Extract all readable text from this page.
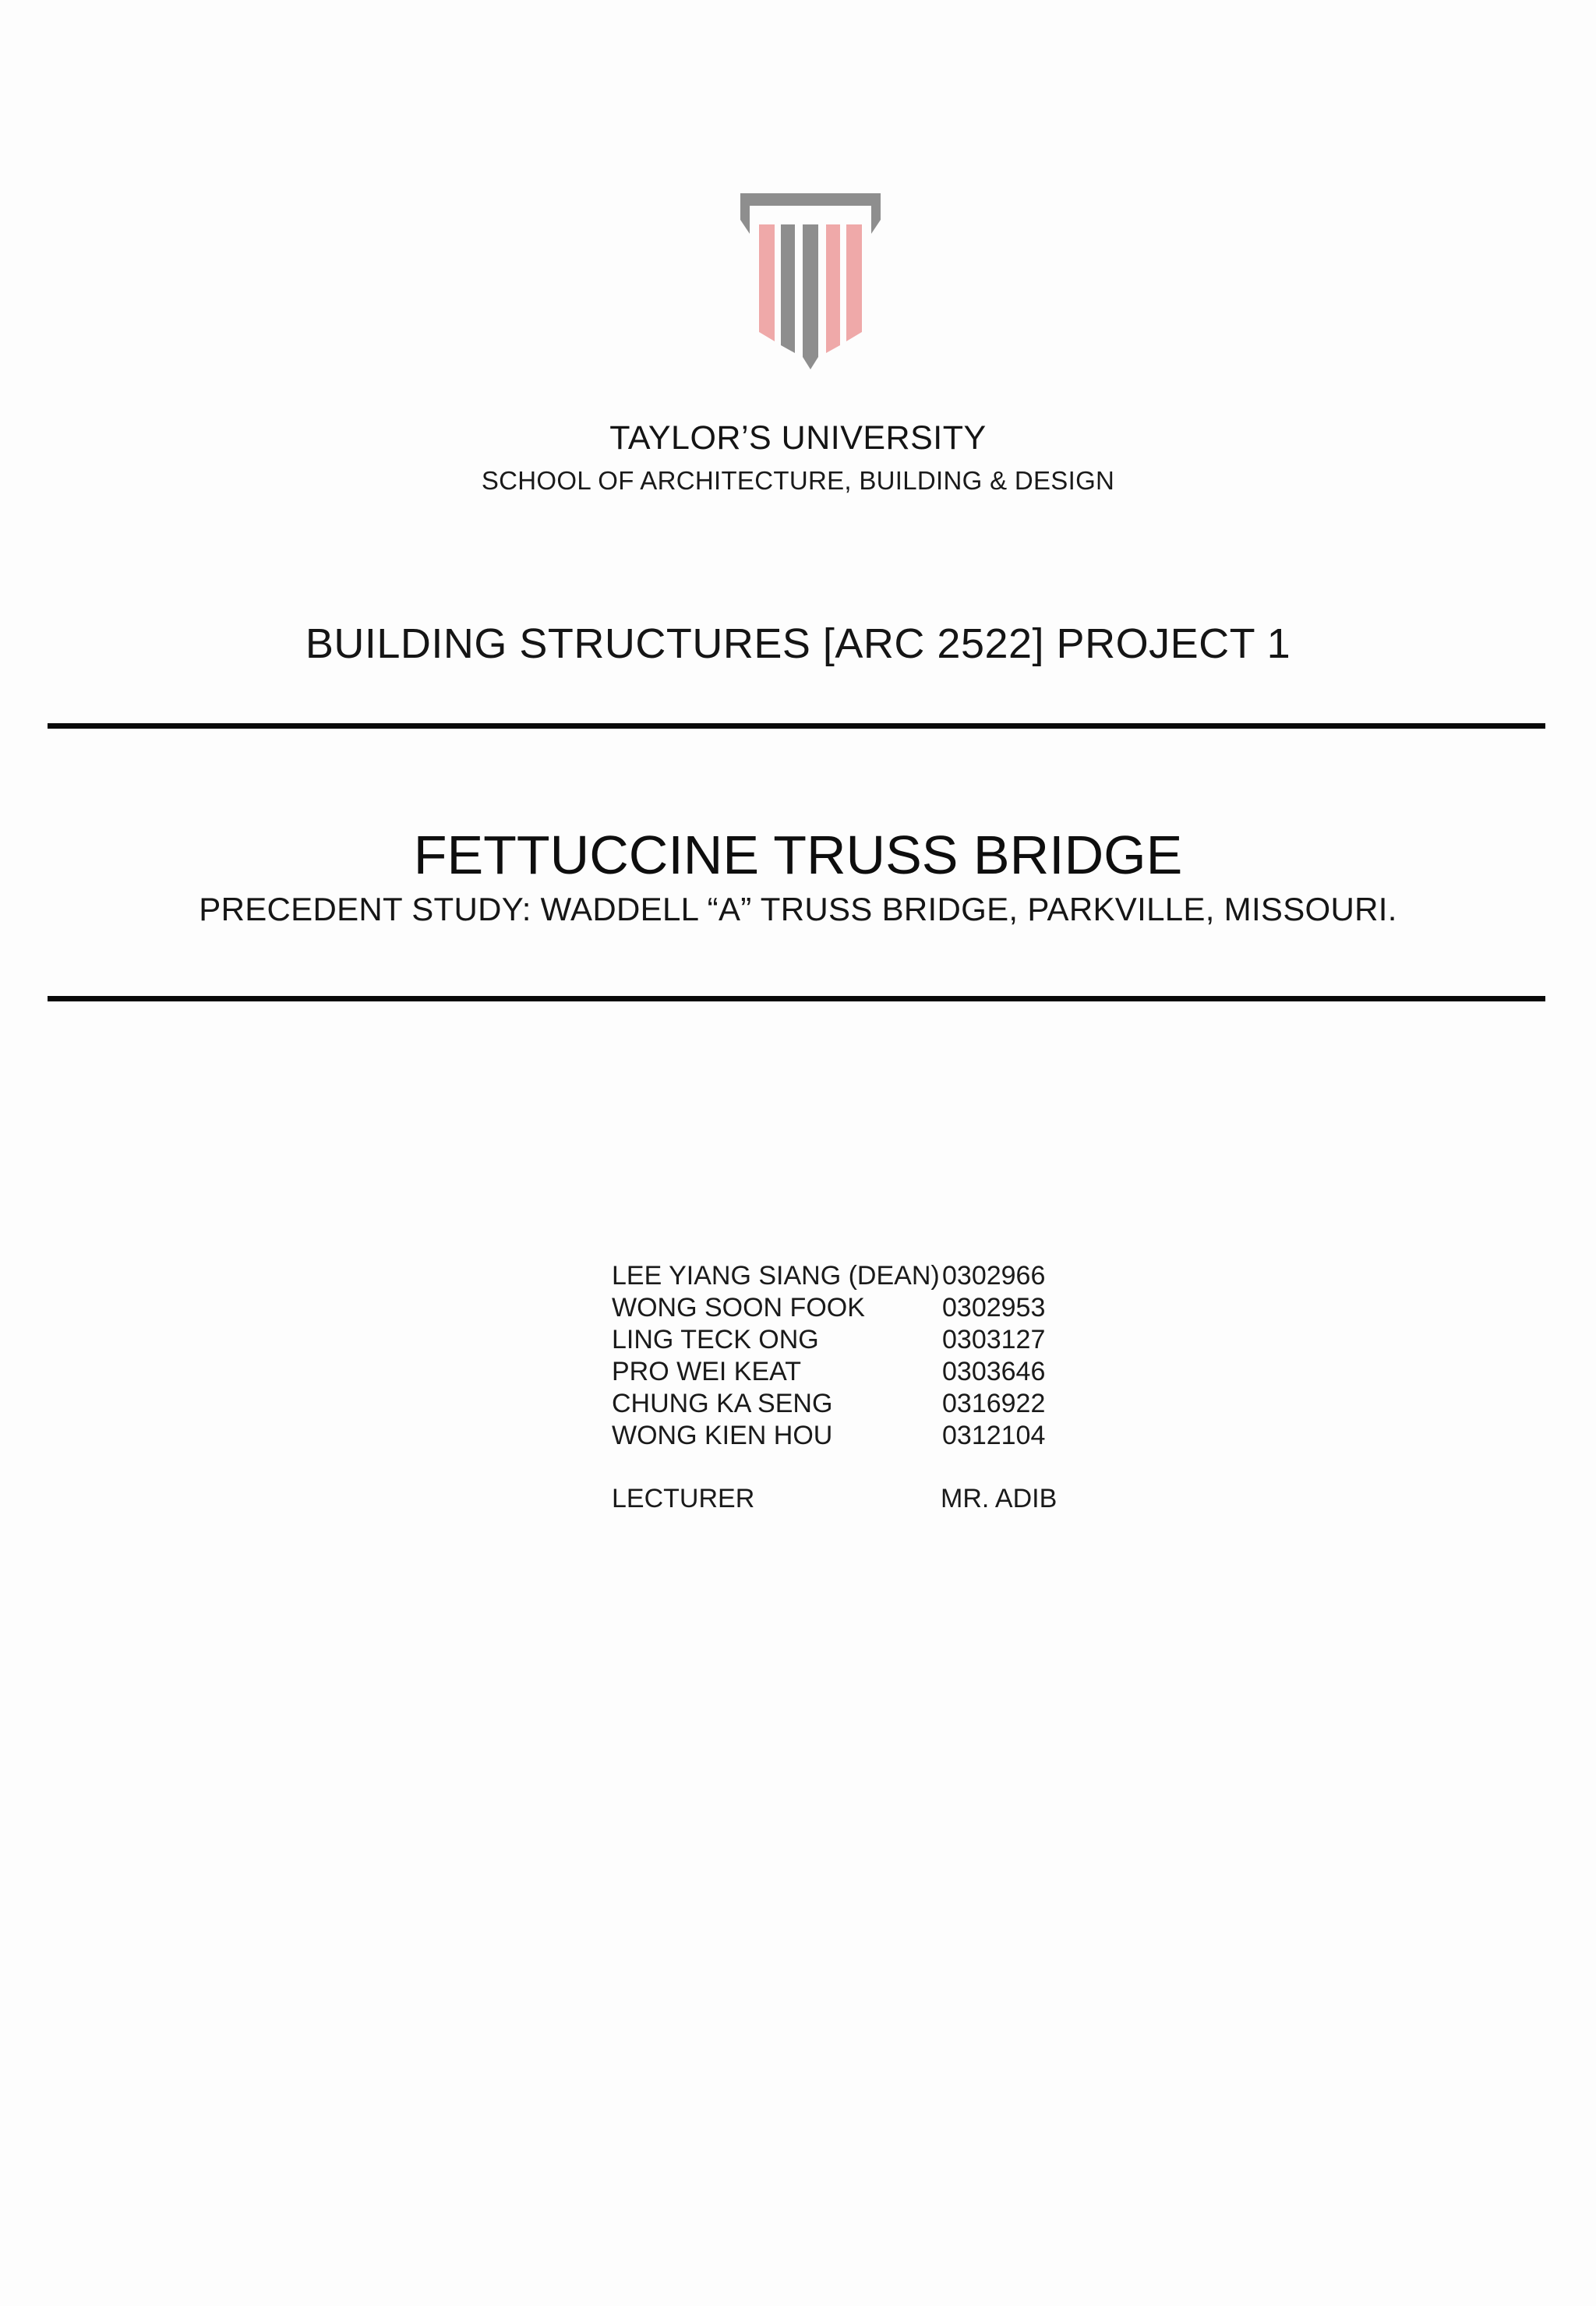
TAYLOR’S UNIVERSITY
SCHOOL OF ARCHITECTURE, BUILDING & DESIGN
BUILDING STRUCTURES [ARC 2522] PROJECT 1
FETTUCCINE TRUSS BRIDGE
PRECEDENT STUDY: WADDELL “A” TRUSS BRIDGE, PARKVILLE, MISSOURI.
LEE YIANG SIANG (DEAN) 0302966
WONG SOON FOOK	0302953
LING TECK ONG	0303127
PRO WEI KEAT	0303646
CHUNG KA SENG	0316922
WONG KIEN HOU	0312104
LECTURER	MR. ADIB
